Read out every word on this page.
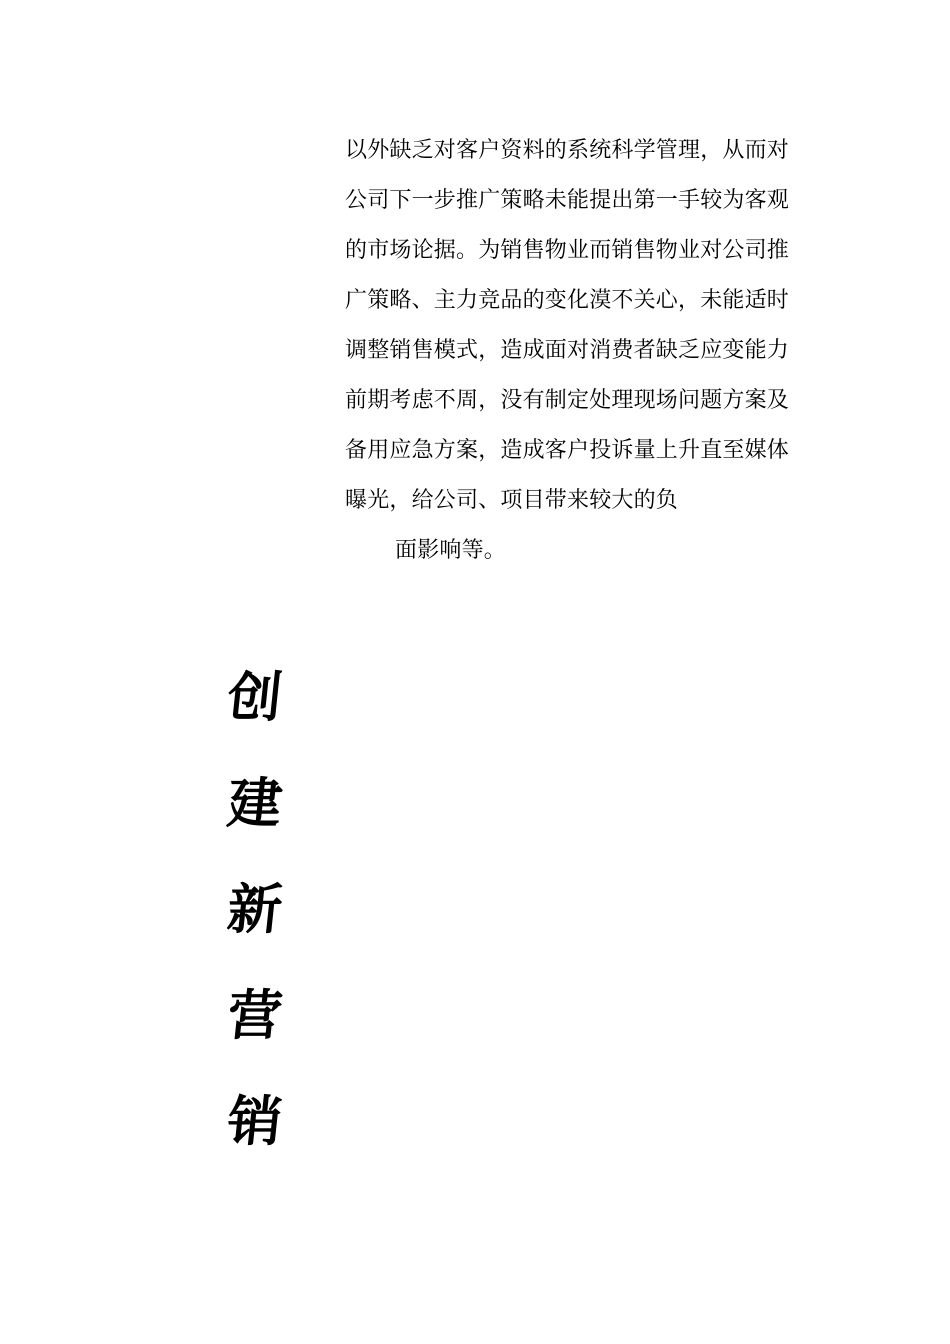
以外缺乏对客户资料的系统科学管理，从而对
公司下一步推广策略未能提出第一手较为客观
的市场论据。为销售物业而销售物业对公司推
广策略、主力竞品的变化漠不关心，未能适时
调整销售模式，造成面对消费者缺乏应变能力
前期考虑不周，没有制定处理现场问题方案及
备用应急方案，造成客户投诉量上升直至媒体
曝光，给公司、项目带来较大的负
面影响等。
创
建
新
营
销
